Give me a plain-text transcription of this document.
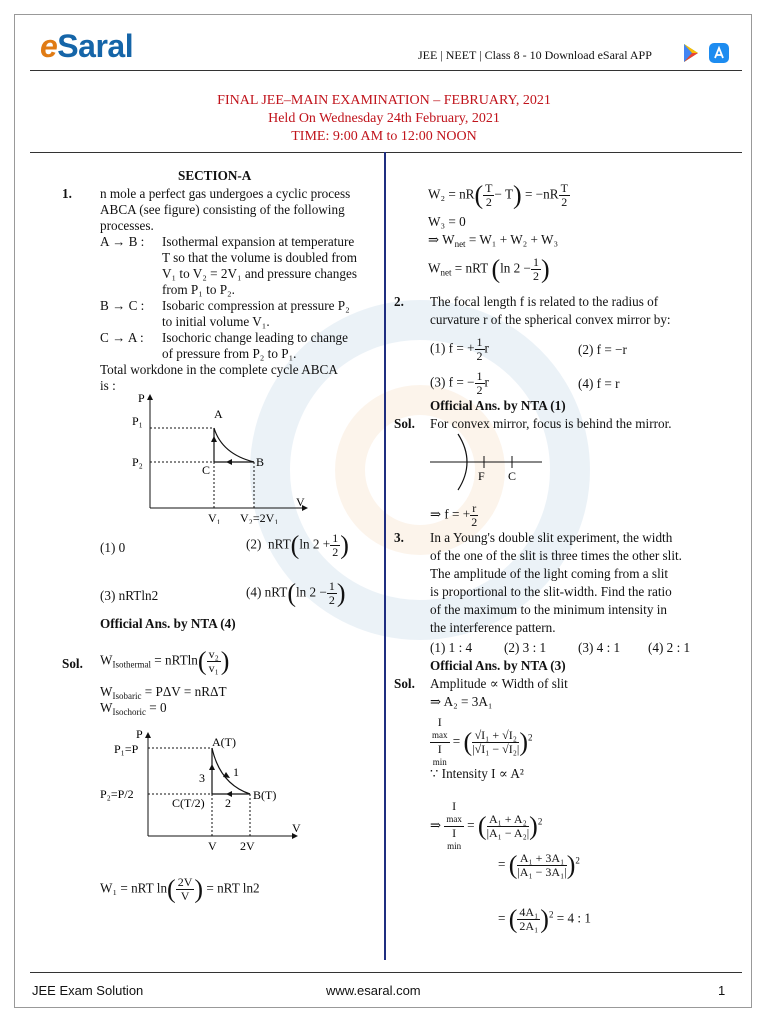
eSaral	JEE | NEET | Class 8 - 10 Download eSaral APP
FINAL JEE–MAIN EXAMINATION – FEBRUARY, 2021
Held On Wednesday 24th February, 2021
TIME: 9:00 AM to 12:00 NOON
SECTION-A
1. n mole a perfect gas undergoes a cyclic process
ABCA (see figure) consisting of the following
processes.
A → B : Isothermal expansion at temperature
T so that the volume is doubled from
V₁ to V₂ = 2V₁ and pressure changes
from P₁ to P₂.
B → C : Isobaric compression at pressure P₂
to initial volume V₁.
C → A : Isochoric change leading to change
of pressure from P₂ to P₁.
Total workdone in the complete cycle ABCA
is :
P
P₁
P₂
A
B
C
V
V₁ V₂=2V₁
(1) 0	(2) nRT(ln $2 + \frac{1}{2}$ )
(3) nRTln2	(4) nRT(ln $2 - \frac{1}{2}$ )
Official Ans. by NTA (4)
Sol. $W_{Isothermal} = nRTln( \frac{\text{v₂}}{\text{v₁}}$ )
$W_{Isobaric} = P\Delta V = nR\Delta T$
$W_{Isochoric} = 0$
P
P₁=P
P₂=P/2
A(T)
B(T)
C(T/2)
1
2
3
V
V 2V
W₁ = nRT $\ln( \frac{2V}{V}$ ) = nRT ln2
$W_2 = nR( \frac{T}{2} - T) = -nR \frac{T}{2}$
W₃ = 0
⇒ $W_{net} = W_1 + W_2 + W_3$
$W_{net}$ = nRT (ln $2 - \frac{1}{2}$ )
2. The focal length f is related to the radius of
curvature r of the spherical convex mirror by:
(1) f = + $\frac{1}{2}$ r	(2) f = −r
(3) f = − $\frac{1}{2}$ r	(4) f = r
Official Ans. by NTA (1)
Sol. For convex mirror, focus is behind the mirror.
F C
⇒ f = + $\frac{r}{2}$
3. In a Young's double slit experiment, the width
of the one of the slit is three times the other slit.
The amplitude of the light coming from a slit
is proportional to the slit-width. Find the ratio
of the maximum to the minimum intensity in
the interference pattern.
(1) 1 : 4 (2) 3 : 1 (3) 4 : 1 (4) 2 : 1
Official Ans. by NTA (3)
Sol. Amplitude ∝ Width of slit
⇒ A₂ = 3A₁
I
max
I
min = ( $\frac{\text{√I₁ + √I₂}}{\text{|√I₁ − √I₂|}} )^2$
∵ Intensity I ∝ A²
⇒ I
max
I
min = ( $\frac{\text{A₁ + A₂}}{\text{|A₁ − A₂|}} )^2$
= ( $\frac{\text{A₁ + 3A₁}}{\text{|A₁ − 3A₁|}} )^2$
= ( $\frac{\text{4A₁}}{\text{2A₁}} )^2 = 4$ : 1
JEE Exam Solution	www.esaral.com	1
